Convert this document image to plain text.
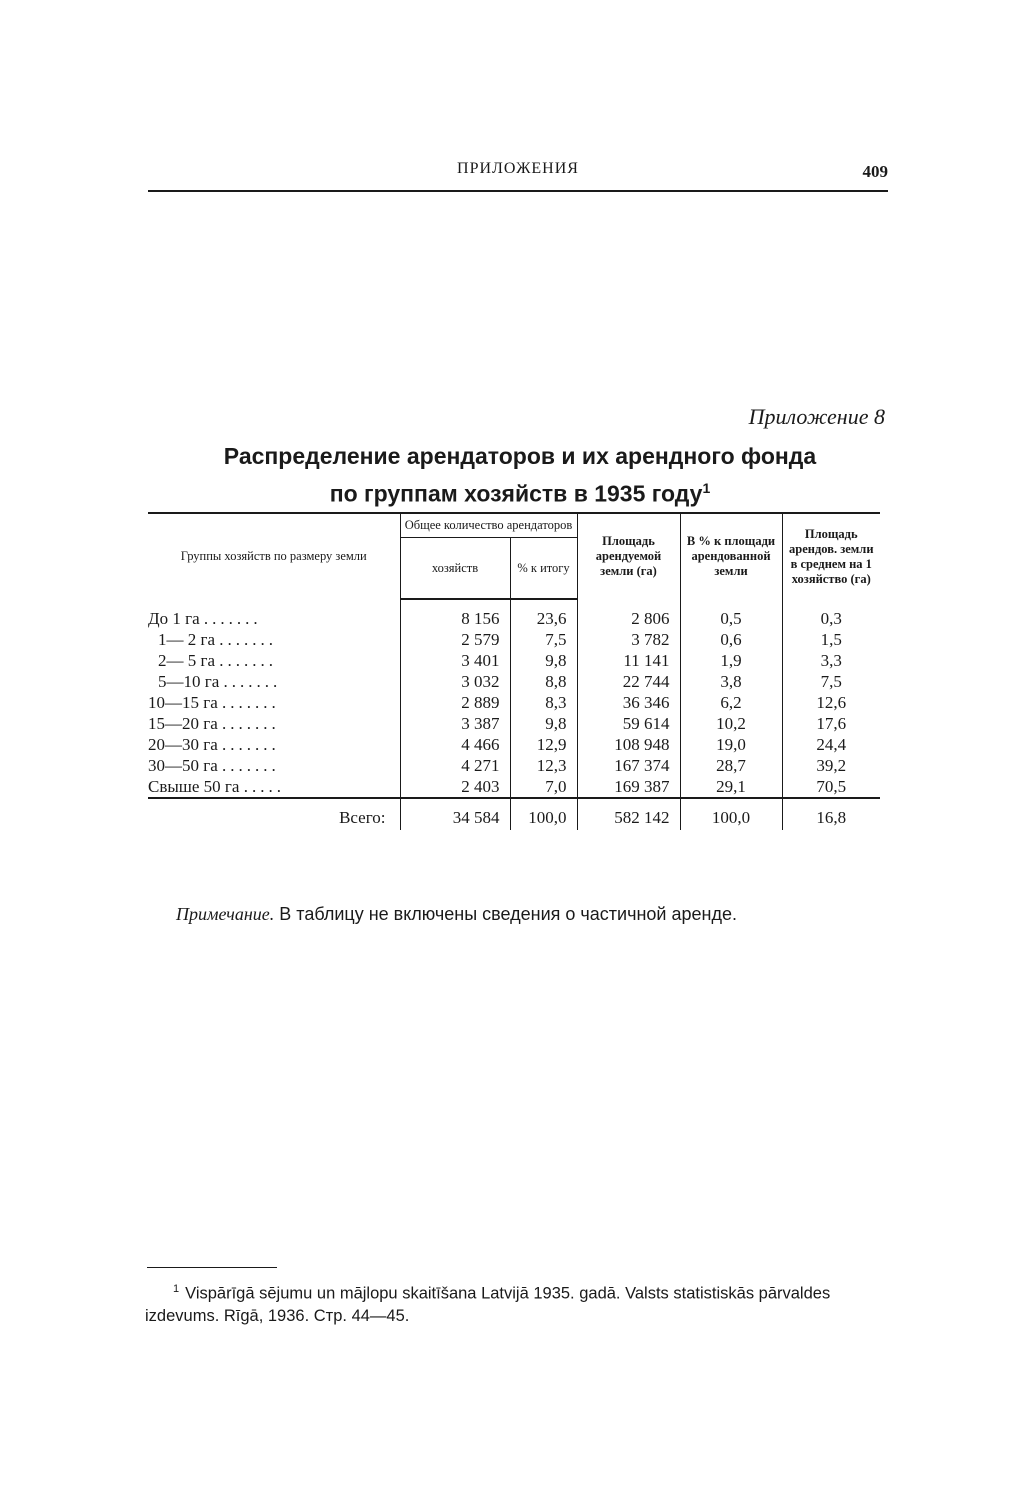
ПРИЛОЖЕНИЯ	409
Приложение 8
Распределение арендаторов и их арендного фонда
по группам хозяйств в 1935 году$^1$
Группы хозяйств по размеру земли	Общее количество арендаторов		Площадь арендуемой земли (га)	В % к площади арендованной земли	Площадь арендов. земли в среднем на 1 хозяйство (га)
	хозяйств	% к итогу			

До 1 га .......	8 156	23,6	2 806	0,5	0,3
1— 2 га .......	2 579	7,5	3 782	0,6	1,5
2— 5 га .......	3 401	9,8	11 141	1,9	3,3
5—10 га .......	3 032	8,8	22 744	3,8	7,5
10—15 га .......	2 889	8,3	36 346	6,2	12,6
15—20 га .......	3 387	9,8	59 614	10,2	17,6
20—30 га .......	4 466	12,9	108 948	19,0	24,4
30—50 га .......	4 271	12,3	167 374	28,7	39,2
Свыше 50 га .....	2 403	7,0	169 387	29,1	70,5
Всего:	34 584	100,0	582 142	100,0	16,8
Примечание. В таблицу не включены сведения о частичной аренде.
$^1$ Vispārīgā sējumu un mājlopu skaitīšana Latvijā 1935. gadā. Valsts statistiskās pārvaldes izdevums. Rīgā, 1936. Стр. 44—45.
